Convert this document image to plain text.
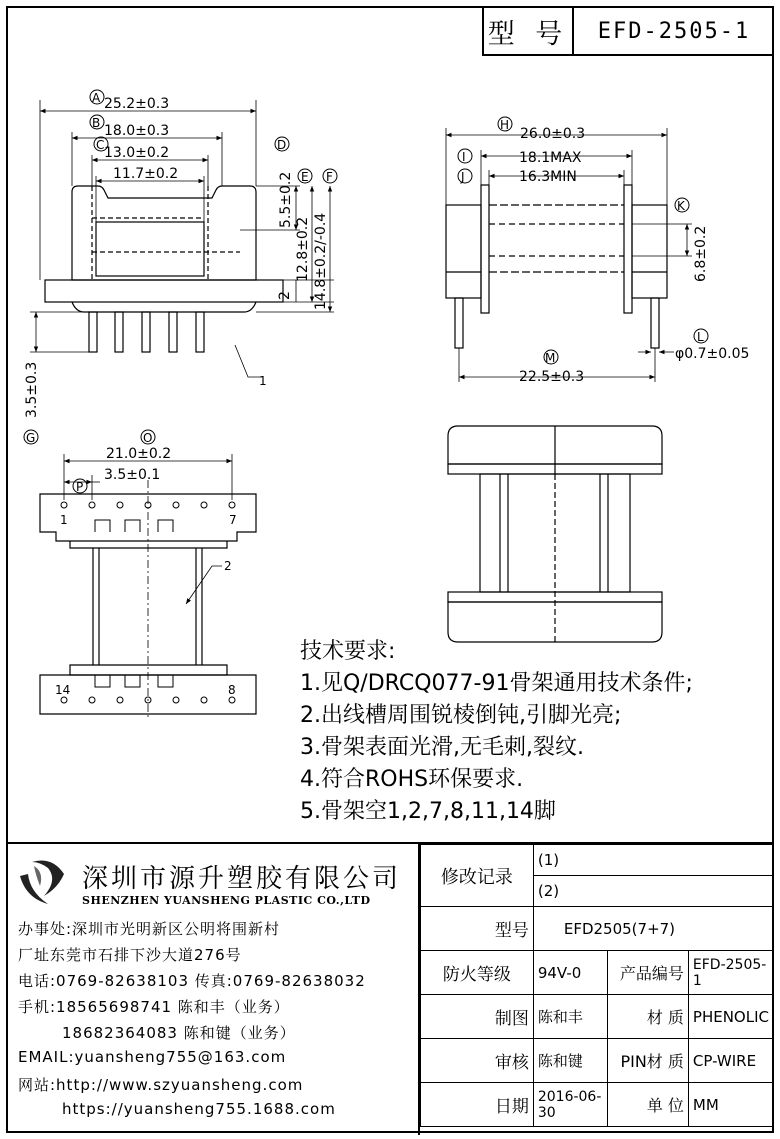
型 号	EFD-2505-1
25.2±0.3
18.0±0.3
13.0±0.2
11.7±0.2	5.5±0.2
12.8±0.2 14.8±0.2/-0.4
2
3.5±0.3	1
A
B
C	D
E F
G
26.0±0.3
18.1MAX
16.3MIN
6.8±0.2
φ0.7±0.05
22.5±0.3
H
I
J
K
L
M
21.0±0.2
3.5±0.1
1	7
14	8
2
O
P
技术要求:
1.见Q/DRCQ077-91骨架通用技术条件;
2.出线槽周围锐棱倒钝,引脚光亮;
3.骨架表面光滑,无毛刺,裂纹.
4.符合ROHS环保要求.
5.骨架空1,2,7,8,11,14脚
深圳市源升塑胶有限公司
SHENZHEN YUANSHENG PLASTIC CO.,LTD
办事处:深圳市光明新区公明将围新村
厂址东莞市石排下沙大道276号
电话:0769-82638103 传真:0769-82638032
手机:18565698741 陈和丰（业务）
18682364083 陈和键（业务）
EMAIL:yuansheng755@163.com
网站:http://www.szyuansheng.com
https://yuansheng755.1688.com
修改记录	(1)		
	(2)		
型号	EFD2505(7+7)		
防火等级	94V-0	产品编号	EFD-2505-1
制图	陈和丰	材 质	PHENOLIC
审核	陈和键	PIN材 质	CP-WIRE
日期	2016-06-30	单 位	MM
